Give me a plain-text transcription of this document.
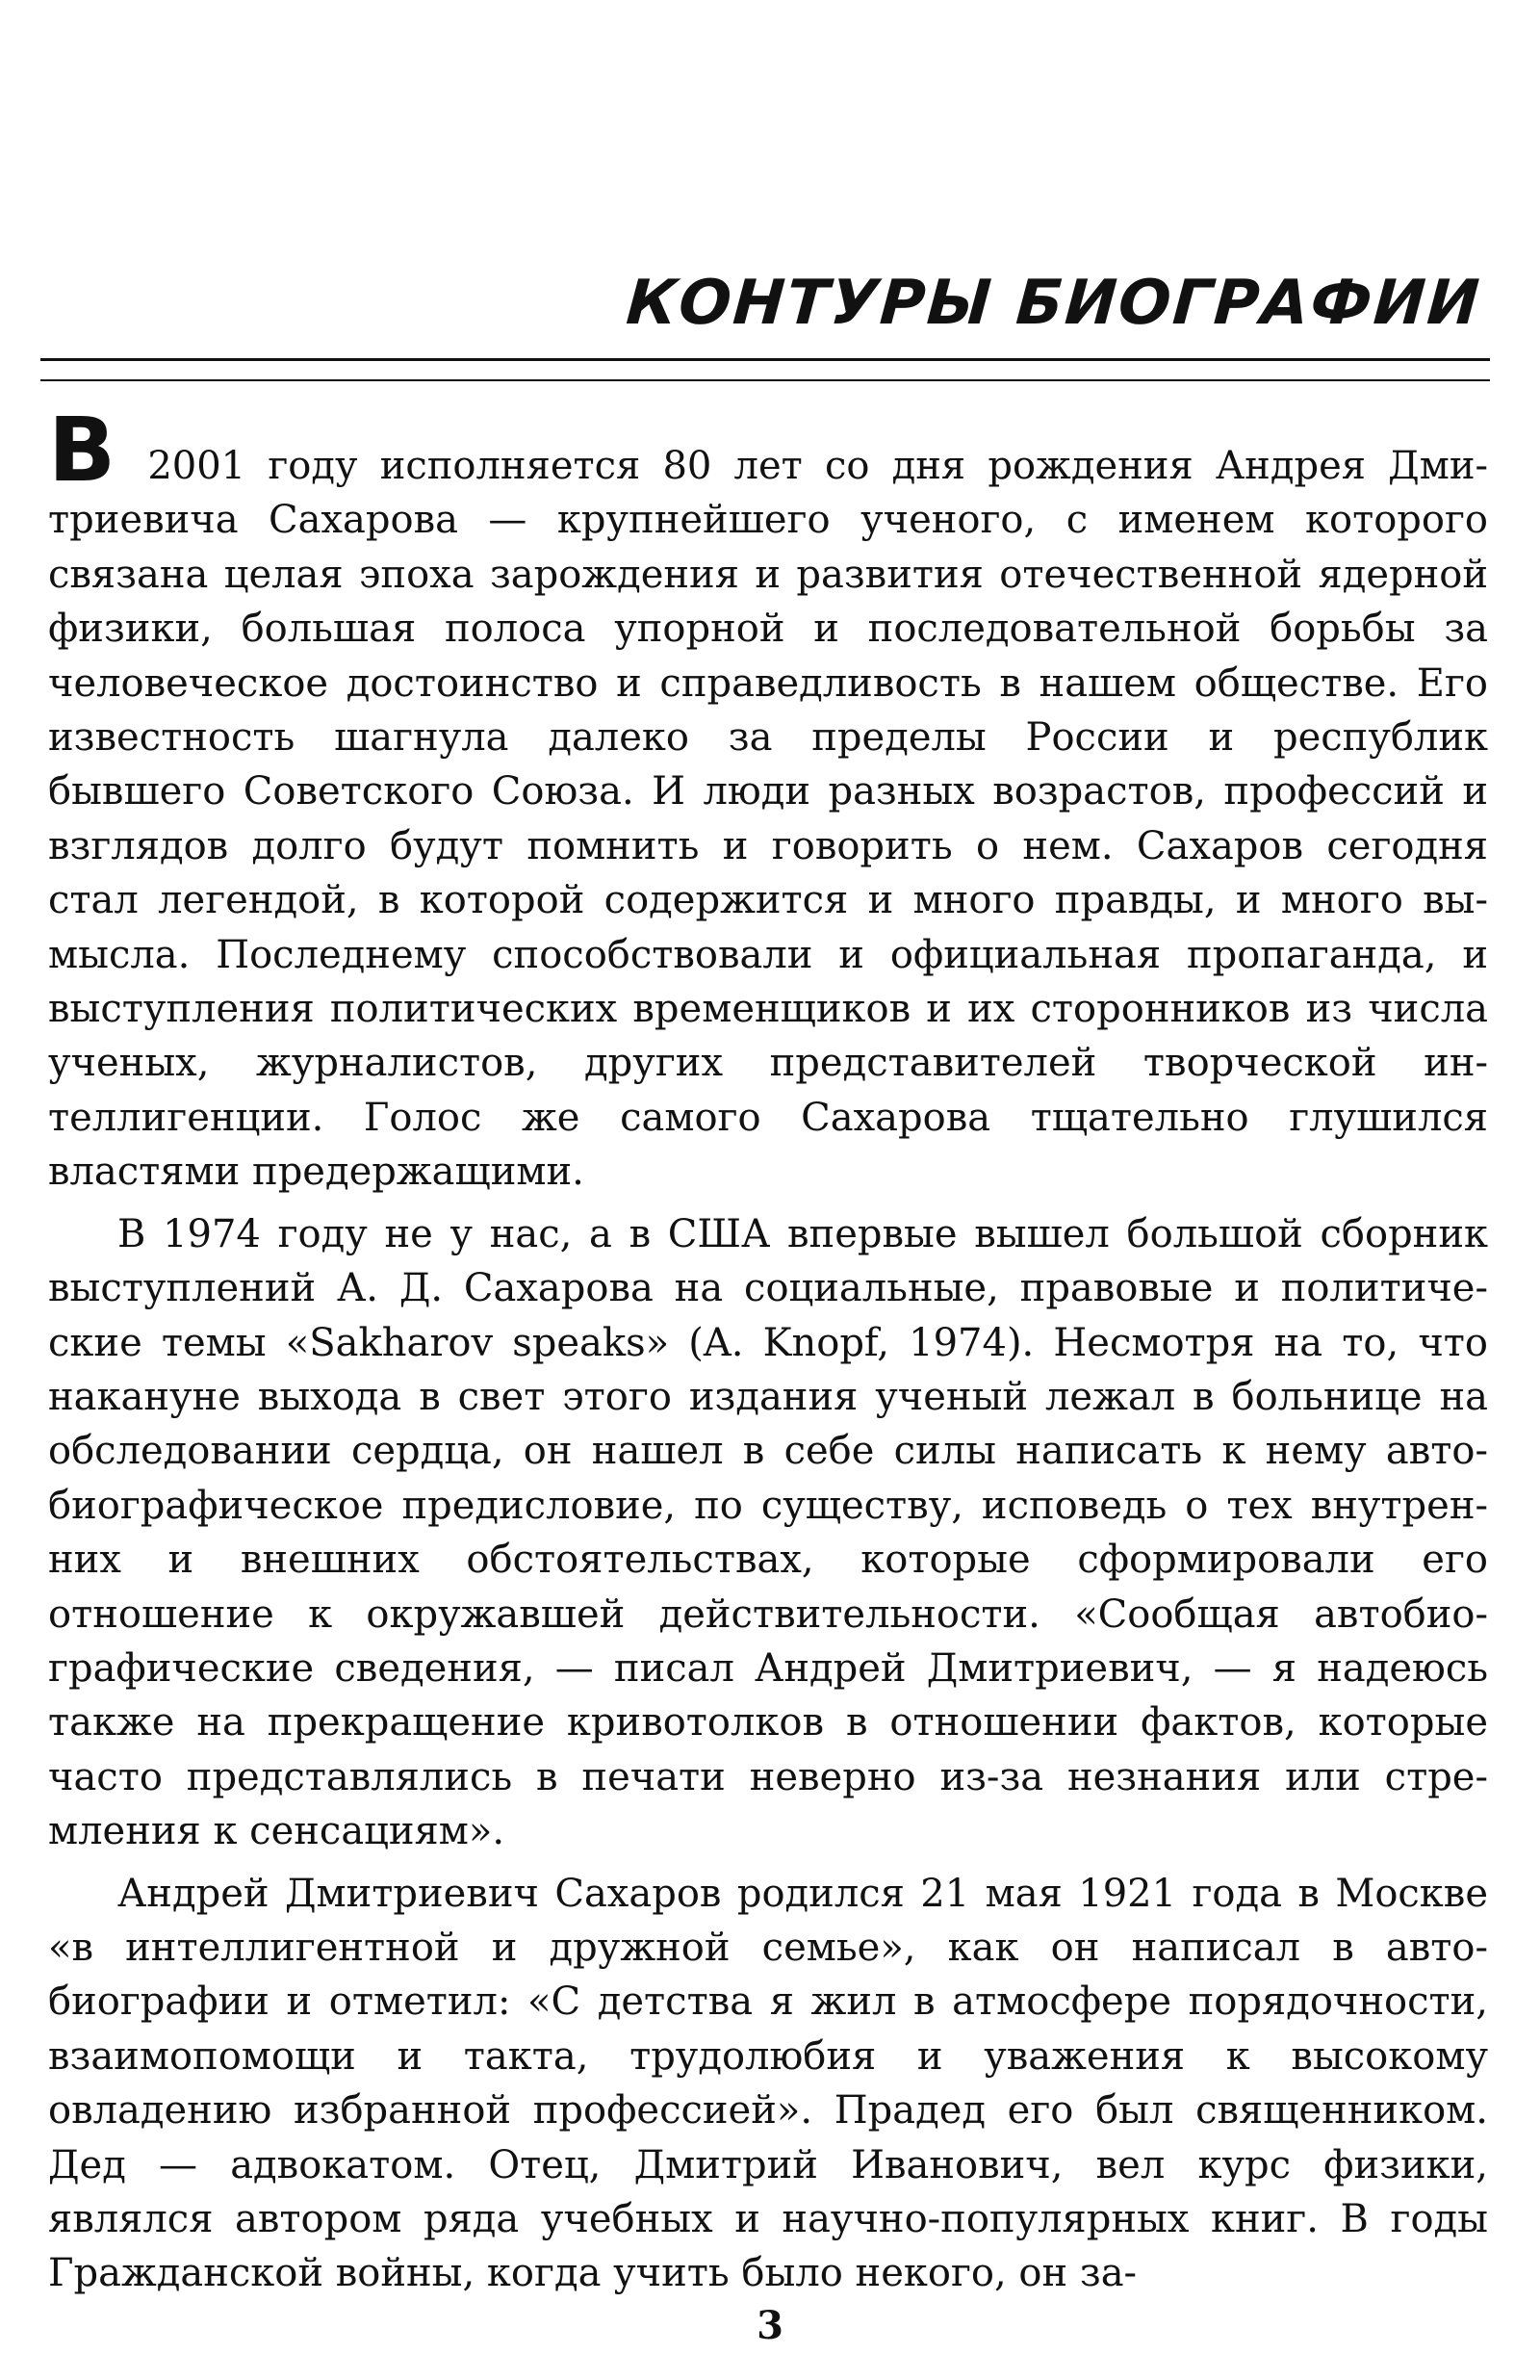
КОНТУРЫ БИОГРАФИИ

В 2001 году исполняется 80 лет со дня рождения Андрея Дмитриевича Сахарова — крупнейшего ученого, с именем которого связана целая эпоха зарождения и развития отечественной ядерной физики, большая полоса упорной и последовательной борьбы за человеческое достоинство и справедливость в нашем обществе. Его известность шагнула далеко за пределы России и республик бывшего Советского Союза. И люди разных возрастов, профессий и взглядов долго будут помнить и говорить о нем. Сахаров сегодня стал легендой, в которой содержится и много правды, и много вымысла. Последнему способствовали и официальная пропаганда, и выступления политических временщиков и их сторонников из числа ученых, журналистов, других представителей творческой интеллигенции. Голос же самого Сахарова тщательно глушился властями предержащими.

В 1974 году не у нас, а в США впервые вышел большой сборник выступлений А. Д. Сахарова на социальные, правовые и политические темы «Sakharov speaks» (A. Knopf, 1974). Несмотря на то, что накануне выхода в свет этого издания ученый лежал в больнице на обследовании сердца, он нашел в себе силы написать к нему автобиографическое предисловие, по существу, исповедь о тех внутренних и внешних обстоятельствах, которые сформировали его отношение к окружавшей действительности. «Сообщая автобиографические сведения, — писал Андрей Дмитриевич, — я надеюсь также на прекращение кривотолков в отношении фактов, которые часто представлялись в печати неверно из-за незнания или стремления к сенсациям».

Андрей Дмитриевич Сахаров родился 21 мая 1921 года в Москве «в интеллигентной и дружной семье», как он написал в автобиографии и отметил: «С детства я жил в атмосфере порядочности, взаимопомощи и такта, трудолюбия и уважения к высокому овладению избранной профессией». Прадед его был священником. Дед — адвокатом. Отец, Дмитрий Иванович, вел курс физики, являлся автором ряда учебных и научно-популярных книг. В годы Гражданской войны, когда учить было некого, он за-

3
